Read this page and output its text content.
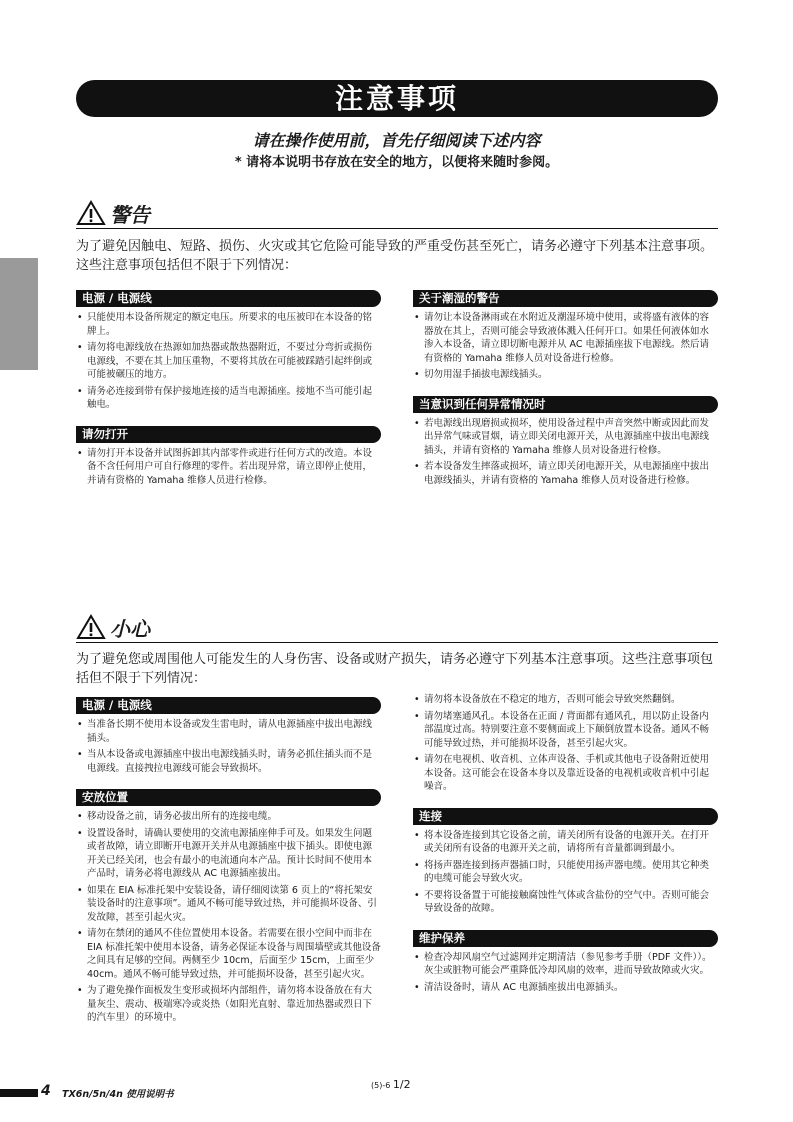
注意事项
请在操作使用前，首先仔细阅读下述内容
* 请将本说明书存放在安全的地方，以便将来随时参阅。
警告
为了避免因触电、短路、损伤、火灾或其它危险可能导致的严重受伤甚至死亡，请务必遵守下列基本注意事项。这些注意事项包括但不限于下列情况：
电源 / 电源线
• 只能使用本设备所规定的额定电压。所要求的电压被印在本设备的铭牌上。
• 请勿将电源线放在热源如加热器或散热器附近，不要过分弯折或损伤电源线，不要在其上加压重物，不要将其放在可能被踩踏引起绊倒或可能被碾压的地方。
• 请务必连接到带有保护接地连接的适当电源插座。接地不当可能引起触电。
请勿打开
• 请勿打开本设备并试图拆卸其内部零件或进行任何方式的改造。本设备不含任何用户可自行修理的零件。若出现异常，请立即停止使用，并请有资格的 Yamaha 维修人员进行检修。
关于潮湿的警告
• 请勿让本设备淋雨或在水附近及潮湿环境中使用，或将盛有液体的容器放在其上，否则可能会导致液体溅入任何开口。如果任何液体如水渗入本设备，请立即切断电源并从 AC 电源插座拔下电源线。然后请有资格的 Yamaha 维修人员对设备进行检修。
• 切勿用湿手插拔电源线插头。
当意识到任何异常情况时
• 若电源线出现磨损或损坏，使用设备过程中声音突然中断或因此而发出异常气味或冒烟，请立即关闭电源开关，从电源插座中拔出电源线插头，并请有资格的 Yamaha 维修人员对设备进行检修。
• 若本设备发生摔落或损坏，请立即关闭电源开关，从电源插座中拔出电源线插头，并请有资格的 Yamaha 维修人员对设备进行检修。
小心
为了避免您或周围他人可能发生的人身伤害、设备或财产损失，请务必遵守下列基本注意事项。这些注意事项包括但不限于下列情况：
电源 / 电源线
• 当准备长期不使用本设备或发生雷电时，请从电源插座中拔出电源线插头。
• 当从本设备或电源插座中拔出电源线插头时，请务必抓住插头而不是电源线。直接拽拉电源线可能会导致损坏。
安放位置
• 移动设备之前，请务必拔出所有的连接电缆。
• 设置设备时，请确认要使用的交流电源插座伸手可及。如果发生问题或者故障，请立即断开电源开关并从电源插座中拔下插头。即使电源开关已经关闭，也会有最小的电流通向本产品。预计长时间不使用本产品时，请务必将电源线从 AC 电源插座拔出。
• 如果在 EIA 标准托架中安装设备，请仔细阅读第 6 页上的“将托架安装设备时的注意事项”。通风不畅可能导致过热，并可能损坏设备、引发故障，甚至引起火灾。
• 请勿在禁闭的通风不佳位置使用本设备。若需要在很小空间中而非在 EIA 标准托架中使用本设备，请务必保证本设备与周围墙壁或其他设备之间具有足够的空间。两侧至少 10cm，后面至少 15cm，上面至少 40cm。通风不畅可能导致过热，并可能损坏设备，甚至引起火灾。
• 为了避免操作面板发生变形或损坏内部组件，请勿将本设备放在有大量灰尘、震动、极端寒冷或炎热（如阳光直射、靠近加热器或烈日下的汽车里）的环境中。
• 请勿将本设备放在不稳定的地方，否则可能会导致突然翻倒。
• 请勿堵塞通风孔。本设备在正面 / 背面都有通风孔，用以防止设备内部温度过高。特别要注意不要侧面或上下颠倒放置本设备。通风不畅可能导致过热，并可能损坏设备，甚至引起火灾。
• 请勿在电视机、收音机、立体声设备、手机或其他电子设备附近使用本设备。这可能会在设备本身以及靠近设备的电视机或收音机中引起噪音。
连接
• 将本设备连接到其它设备之前，请关闭所有设备的电源开关。在打开或关闭所有设备的电源开关之前，请将所有音量都调到最小。
• 将扬声器连接到扬声器插口时，只能使用扬声器电缆。使用其它种类的电缆可能会导致火灾。
• 不要将设备置于可能接触腐蚀性气体或含盐份的空气中。否则可能会导致设备的故障。
维护保养
• 检查冷却风扇空气过滤网并定期清洁（参见参考手册（PDF 文件））。灰尘或脏物可能会严重降低冷却风扇的效率，进而导致故障或火灾。
• 清洁设备时，请从 AC 电源插座拔出电源插头。
4 TX6n/5n/4n 使用说明书
(5)-6 1/2
